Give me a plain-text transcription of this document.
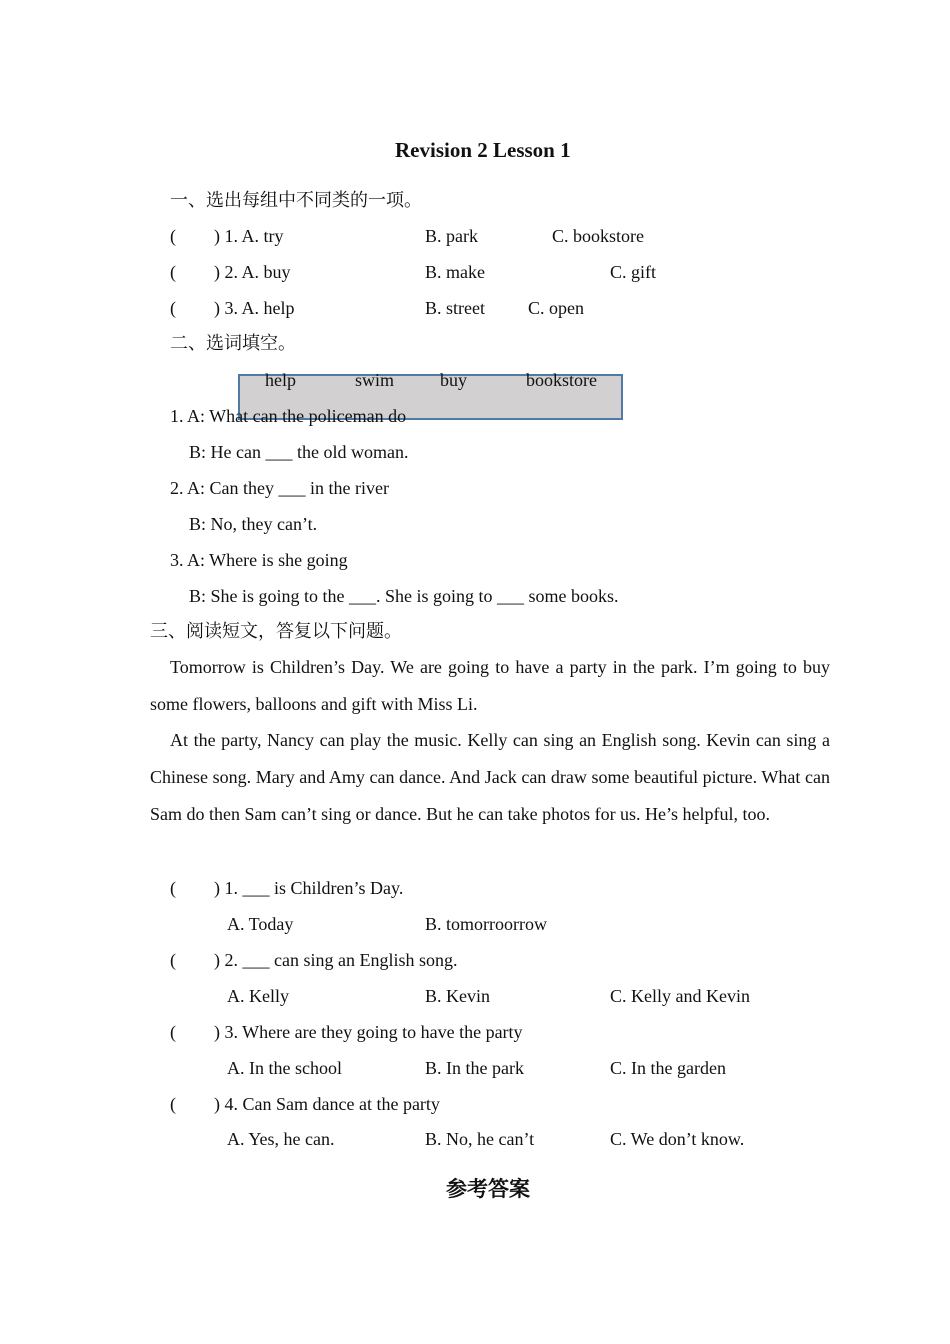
Revision 2 Lesson 1
一、选出每组中不同类的一项。
( ) 1. A. try	B. park	C. bookstore
( ) 2. A. buy	B. make	C. gift
( ) 3. A. help	B. street C. open
二、选词填空。
help	swim	buy	bookstore
1. A: What can the policeman do
B: He can ___ the old woman.
2. A: Can they ___ in the river
B: No, they can’t.
3. A: Where is she going
B: She is going to the ___. She is going to ___ some books.
三、阅读短文，答复以下问题。
Tomorrow is Children’s Day. We are going to have a party in the park. I’m going to buy some flowers, balloons and gift with Miss Li.
At the party, Nancy can play the music. Kelly can sing an English song. Kevin can sing a Chinese song. Mary and Amy can dance. And Jack can draw some beautiful picture. What can Sam do then Sam can’t sing or dance. But he can take photos for us. He’s helpful, too.
( ) 1. ___ is Children’s Day.
A. Today	B. tomorroorrow
( ) 2. ___ can sing an English song.
A. Kelly	B. Kevin	C. Kelly and Kevin
( ) 3. Where are they going to have the party
A. In the school	B. In the park	C. In the garden
( ) 4. Can Sam dance at the party
A. Yes, he can.	B. No, he can’t	C. We don’t know.
参考答案
